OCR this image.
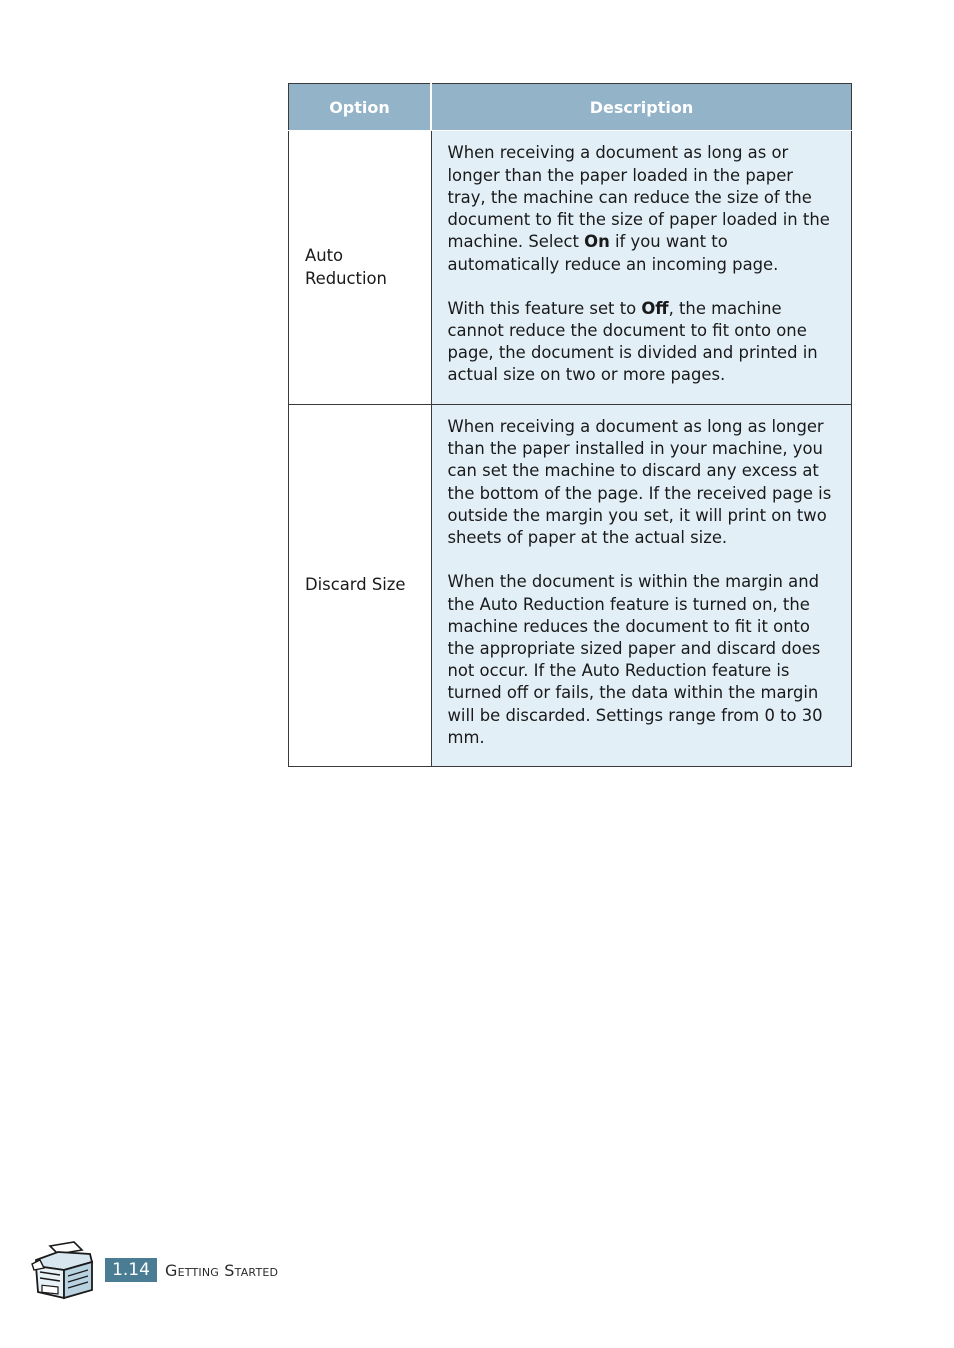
Option	Description
Auto Reduction	When receiving a document as long as or longer than the paper loaded in the paper tray, the machine can reduce the size of the document to fit the size of paper loaded in the machine. Select On if you want to automatically reduce an incoming page.

With this feature set to Off, the machine cannot reduce the document to fit onto one page, the document is divided and printed in actual size on two or more pages.

Discard Size	When receiving a document as long as longer than the paper installed in your machine, you can set the machine to discard any excess at the bottom of the page. If the received page is outside the margin you set, it will print on two sheets of paper at the actual size.

When the document is within the margin and the Auto Reduction feature is turned on, the machine reduces the document to fit it onto the appropriate sized paper and discard does not occur. If the Auto Reduction feature is turned off or fails, the data within the margin will be discarded. Settings range from 0 to 30 mm.

1.14 Getting Started
